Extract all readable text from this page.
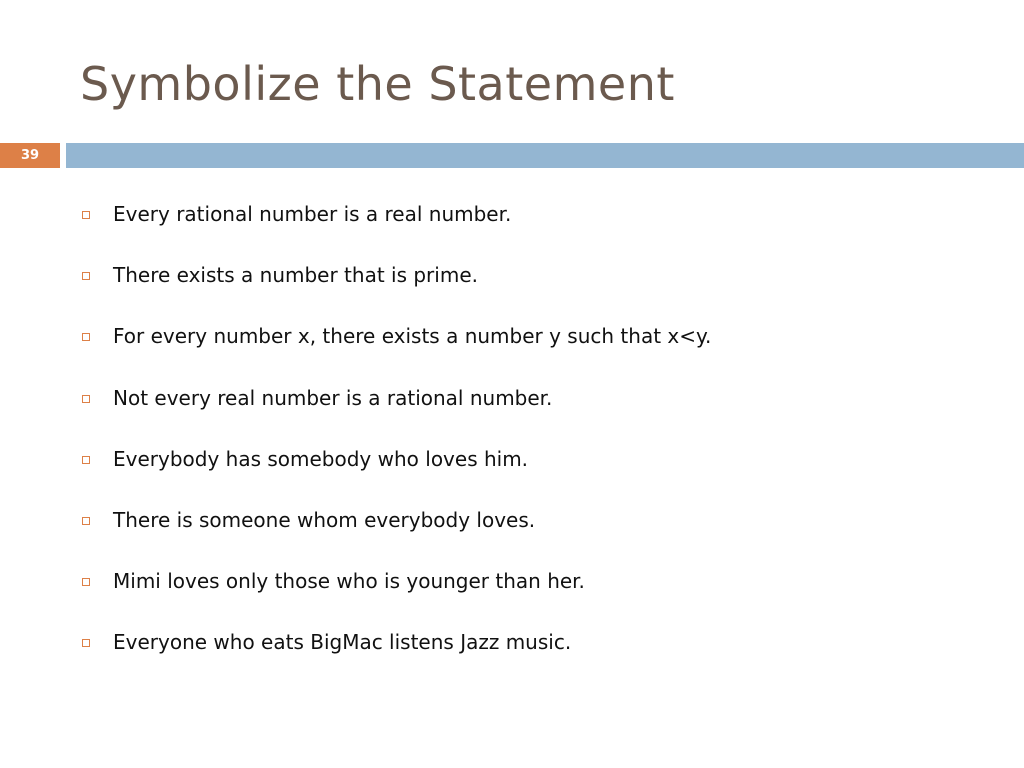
Symbolize the Statement
39
Every rational number is a real number.
There exists a number that is prime.
For every number x, there exists a number y such that x<y.
Not every real number is a rational number.
Everybody has somebody who loves him.
There is someone whom everybody loves.
Mimi loves only those who is younger than her.
Everyone who eats BigMac listens Jazz music.
